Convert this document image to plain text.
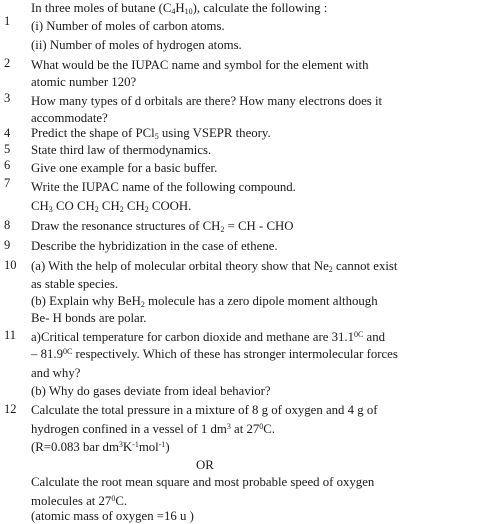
1
In three moles of butane $(C_4H_{10})$, calculate the following :
(i) Number of moles of carbon atoms.
(ii) Number of moles of hydrogen atoms.
2 What would be the IUPAC name and symbol for the element with
atomic number 120?
3 How many types of d orbitals are there? How many electrons does it
accommodate?
4 Predict the shape of PCl$_5$ using VSEPR theory.
5 State third law of thermodynamics.
6 Give one example for a basic buffer.
7 Write the IUPAC name of the following compound.
$CH_3$ CO $CH_2$ $CH_2$ $CH_2$ COOH.
8 Draw the resonance structures of $CH_2$ = CH - CHO
9 Describe the hybridization in the case of ethene.
10 (a) With the help of molecular orbital theory show that $Ne_2$ cannot exist
as stable species.
(b) Explain why BeH$_2$ molecule has a zero dipole moment although
Be- H bonds are polar.
11 a)Critical temperature for carbon dioxide and methane are $31.1^{0C}$ and
– $81.9^{0C}$ respectively. Which of these has stronger intermolecular forces
and why?
(b) Why do gases deviate from ideal behavior?
12 Calculate the total pressure in a mixture of 8 g of oxygen and 4 g of
hydrogen confined in a vessel of 1 $dm^3$ at $27^0C$.
(R=0.083 bar $dm^3K^{-1}mol^{-1}$)
OR
Calculate the root mean square and most probable speed of oxygen
molecules at $27^0C$.
(atomic mass of oxygen =16 u )
